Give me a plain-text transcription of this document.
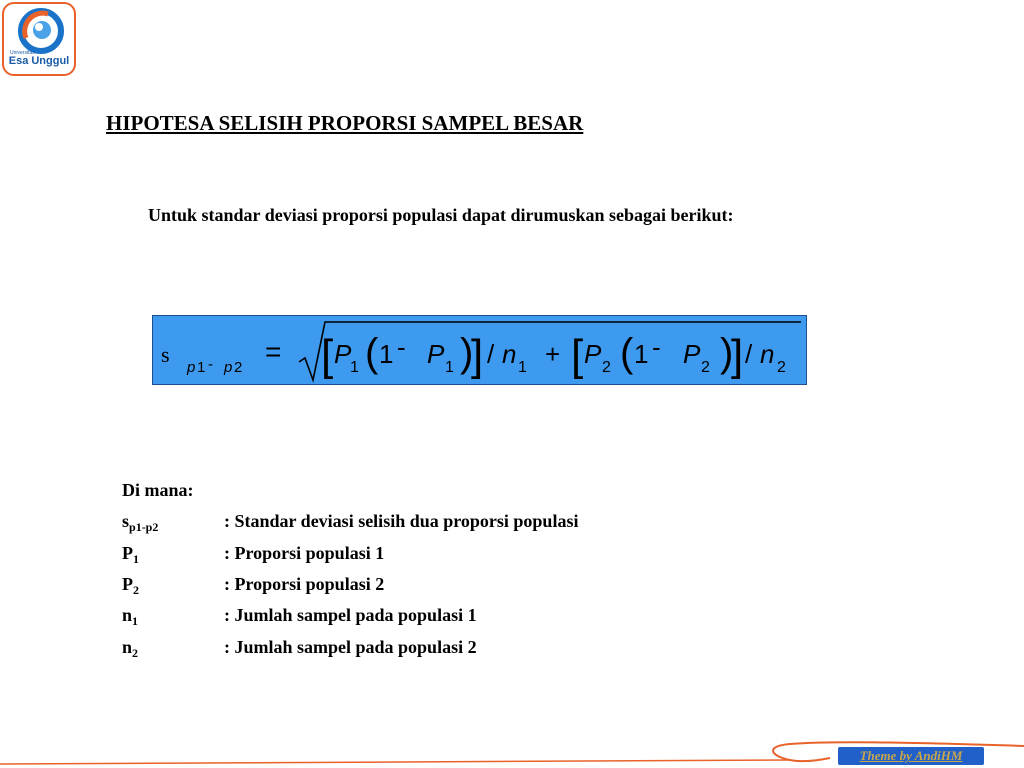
Universitas
Esa Unggul
HIPOTESA SELISIH PROPORSI SAMPEL BESAR
Untuk standar deviasi proporsi populasi dapat dirumuskan sebagai berikut:
s
p p
1 - 2
= [	] [	]
( )	( )
P	P n	P	P n
1	1
-	-
+
/	/
1	1	1	2	2	2
Di mana:
$s_{p1-p2}$	: Standar deviasi selisih dua proporsi populasi
$P_1$	: Proporsi populasi 1
$P_2$	: Proporsi populasi 2
$n_1$	: Jumlah sampel pada populasi 1
$n_2$	: Jumlah sampel pada populasi 2
Theme by AndiHM
